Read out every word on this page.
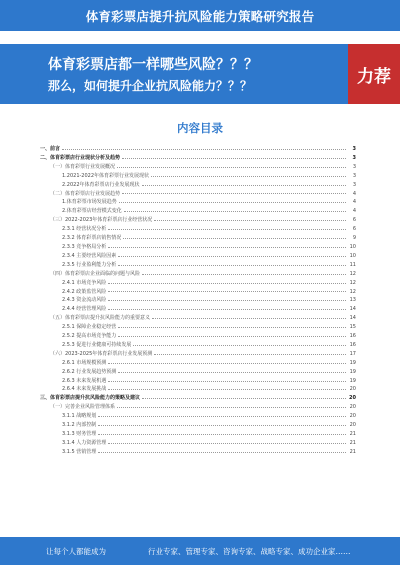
体育彩票店提升抗风险能力策略研究报告
体育彩票店都一样哪些风险？？？
那么，如何提升企业抗风险能力？？？	力荐
内容目录
一、前言	3
二、体育彩票店行业现状分析及趋势	3
（一）体育彩票行业发展概况	3
1.2021-2022年体育彩票行业发展现状	3
2.2022年体育彩票店行业发展现状	3
（二）体育彩票店行业发展趋势	4
1.体育彩票市场发展趋势	4
2.体育彩票店经营模式变化	4
（三）2022-2023年体育彩票店行业经营状况	6
2.3.1 经营状况分析	6
2.3.2 体育彩票店销售情况	9
2.3.3 竞争格局分析	10
2.3.4 主要经营风险因素	10
2.3.5 行业盈利能力分析	11
（四）体育彩票店企业面临的问题与风险	12
2.4.1 市场竞争风险	12
2.4.2 政策监管风险	12
2.4.3 资金流动风险	13
2.4.4 经营管理风险	14
（五）体育彩票店提升抗风险能力的重要意义	14
2.5.1 保障企业稳定经营	15
2.5.2 提高市场竞争能力	16
2.5.3 促进行业健康可持续发展	16
（六）2023-2025年体育彩票店行业发展预测	17
2.6.1 市场规模预测	19
2.6.2 行业发展趋势预测	19
2.6.3 未来发展机遇	19
2.6.4 未来发展挑战	20
三、体育彩票店提升抗风险能力的策略及建议	20
（一）完善企业风险管理体系	20
3.1.1 战略规划	20
3.1.2 内部控制	20
3.1.3 财务管理	21
3.1.4 人力资源管理	21
3.1.5 营销管理	21
让每个人都能成为	行业专家、管理专家、咨询专家、战略专家、成功企业家……
